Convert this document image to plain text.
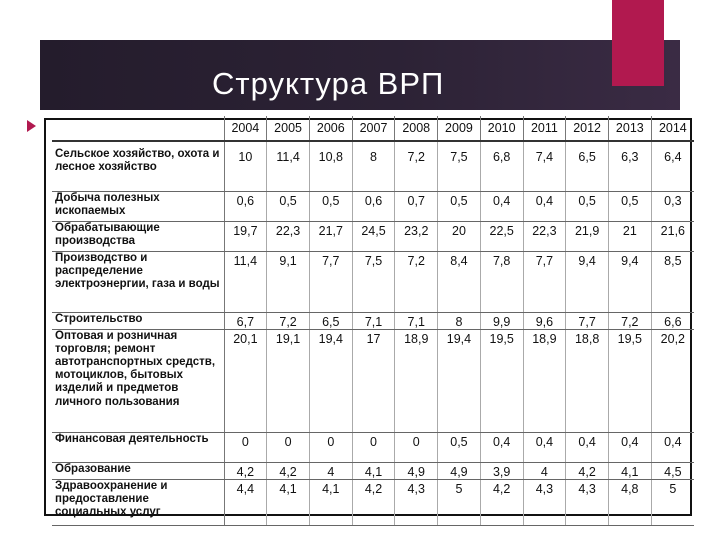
Структура ВРП
	2004	2005	2006	2007	2008	2009	2010	2011	2012	2013	2014
Сельское хозяйство, охота и лесное хозяйство	10	11,4	10,8	8	7,2	7,5	6,8	7,4	6,5	6,3	6,4
Добыча полезных ископаемых	0,6	0,5	0,5	0,6	0,7	0,5	0,4	0,4	0,5	0,5	0,3
Обрабатывающие производства	19,7	22,3	21,7	24,5	23,2	20	22,5	22,3	21,9	21	21,6
Производство и распределение электроэнергии, газа и воды	11,4	9,1	7,7	7,5	7,2	8,4	7,8	7,7	9,4	9,4	8,5
Строительство	6,7	7,2	6,5	7,1	7,1	8	9,9	9,6	7,7	7,2	6,6
Оптовая и розничная торговля; ремонт автотранспортных средств, мотоциклов, бытовых изделий и предметов личного пользования	20,1	19,1	19,4	17	18,9	19,4	19,5	18,9	18,8	19,5	20,2
Финансовая деятельность	0	0	0	0	0	0,5	0,4	0,4	0,4	0,4	0,4
Образование	4,2	4,2	4	4,1	4,9	4,9	3,9	4	4,2	4,1	4,5
Здравоохранение и предоставление социальных услуг	4,4	4,1	4,1	4,2	4,3	5	4,2	4,3	4,3	4,8	5
